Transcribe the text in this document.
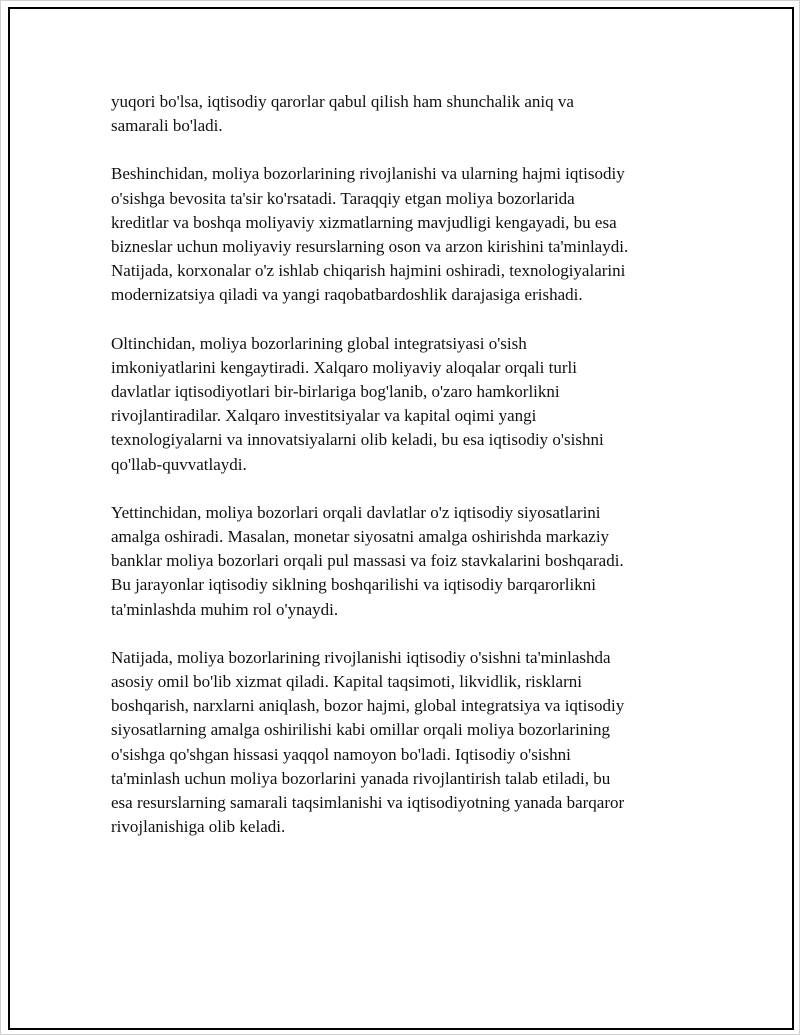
yuqori bo'lsa, iqtisodiy qarorlar qabul qilish ham shunchalik aniq va
samarali bo'ladi.

Beshinchidan, moliya bozorlarining rivojlanishi va ularning hajmi iqtisodiy
o'sishga bevosita ta'sir ko'rsatadi. Taraqqiy etgan moliya bozorlarida
kreditlar va boshqa moliyaviy xizmatlarning mavjudligi kengayadi, bu esa
bizneslar uchun moliyaviy resurslarning oson va arzon kirishini ta'minlaydi.
Natijada, korxonalar o'z ishlab chiqarish hajmini oshiradi, texnologiyalarini
modernizatsiya qiladi va yangi raqobatbardoshlik darajasiga erishadi.

Oltinchidan, moliya bozorlarining global integratsiyasi o'sish
imkoniyatlarini kengaytiradi. Xalqaro moliyaviy aloqalar orqali turli
davlatlar iqtisodiyotlari bir-birlariga bog'lanib, o'zaro hamkorlikni
rivojlantiradilar. Xalqaro investitsiyalar va kapital oqimi yangi
texnologiyalarni va innovatsiyalarni olib keladi, bu esa iqtisodiy o'sishni
qo'llab-quvvatlaydi.

Yettinchidan, moliya bozorlari orqali davlatlar o'z iqtisodiy siyosatlarini
amalga oshiradi. Masalan, monetar siyosatni amalga oshirishda markaziy
banklar moliya bozorlari orqali pul massasi va foiz stavkalarini boshqaradi.
Bu jarayonlar iqtisodiy siklning boshqarilishi va iqtisodiy barqarorlikni
ta'minlashda muhim rol o'ynaydi.

Natijada, moliya bozorlarining rivojlanishi iqtisodiy o'sishni ta'minlashda
asosiy omil bo'lib xizmat qiladi. Kapital taqsimoti, likvidlik, risklarni
boshqarish, narxlarni aniqlash, bozor hajmi, global integratsiya va iqtisodiy
siyosatlarning amalga oshirilishi kabi omillar orqali moliya bozorlarining
o'sishga qo'shgan hissasi yaqqol namoyon bo'ladi. Iqtisodiy o'sishni
ta'minlash uchun moliya bozorlarini yanada rivojlantirish talab etiladi, bu
esa resurslarning samarali taqsimlanishi va iqtisodiyotning yanada barqaror
rivojlanishiga olib keladi.
